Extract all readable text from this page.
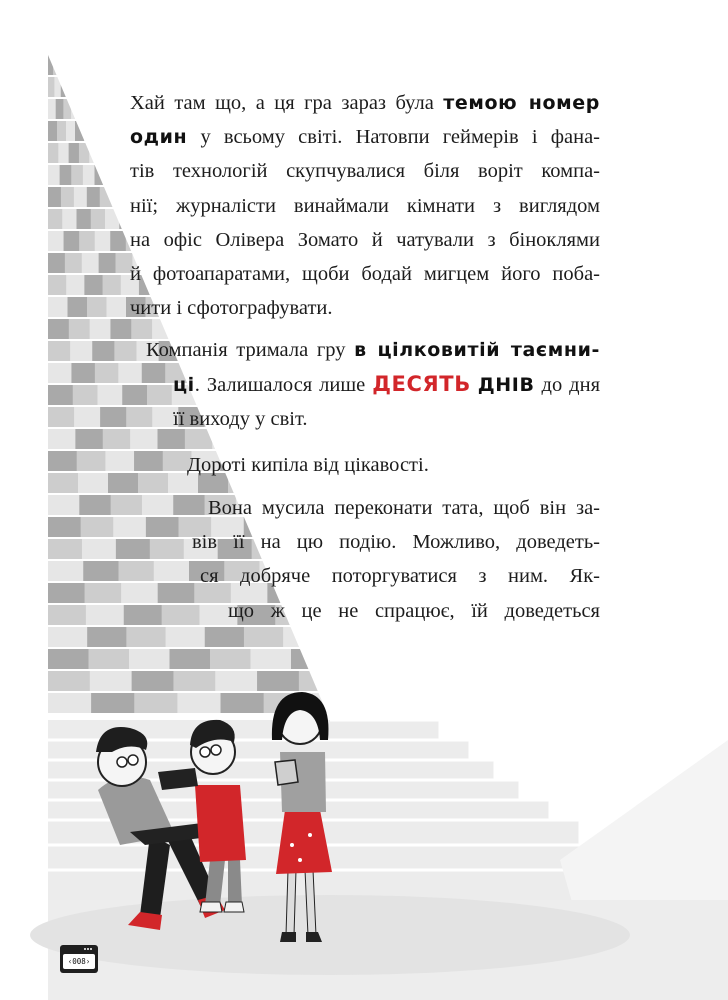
Хай там що, а ця гра зараз була темою номер
один у всьому світі. Натовпи геймерів і фана-
тів технологій скупчувалися біля воріт компа-
нії; журналісти винаймали кімнати з виглядом
на офіс Олівера Зомато й чатували з біноклями
й фотоапаратами, щоби бодай мигцем його поба-
чити і сфотографувати.
Компанія тримала гру в цілковитій таємни-
ці. Залишалося лише ДЕСЯТЬ ДНІВ до дня
її виходу у світ.
Дороті кипіла від цікавості.
Вона мусила переконати тата, щоб він за-
вів її на цю подію. Можливо, доведеть-
ся добряче поторгуватися з ним. Як-
що ж це не спрацює, їй доведеться
‹008›
